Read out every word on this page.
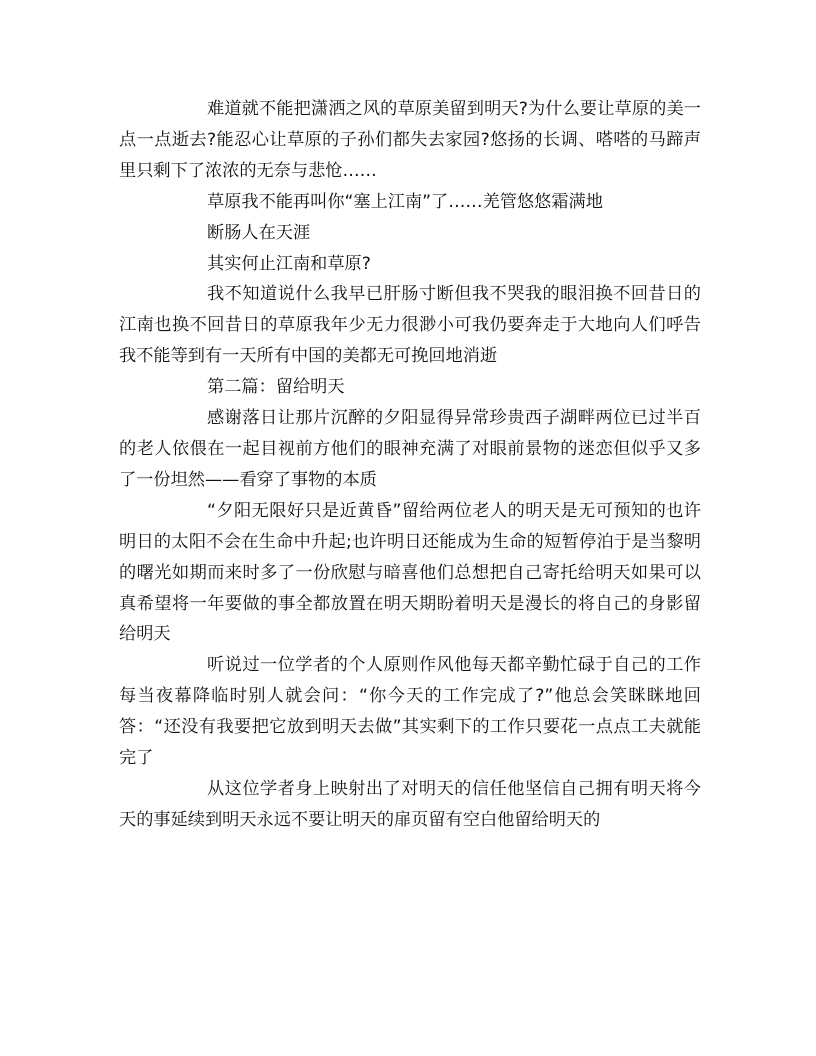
难道就不能把潇洒之风的草原美留到明天?为什么要让草原的美一点一点逝去?能忍心让草原的子孙们都失去家园?悠扬的长调、嗒嗒的马蹄声里只剩下了浓浓的无奈与悲怆……

草原我不能再叫你“塞上江南”了……羌管悠悠霜满地

断肠人在天涯

其实何止江南和草原?

我不知道说什么我早已肝肠寸断但我不哭我的眼泪换不回昔日的江南也换不回昔日的草原我年少无力很渺小可我仍要奔走于大地向人们呼告我不能等到有一天所有中国的美都无可挽回地消逝

第二篇：留给明天

感谢落日让那片沉醉的夕阳显得异常珍贵西子湖畔两位已过半百的老人依偎在一起目视前方他们的眼神充满了对眼前景物的迷恋但似乎又多了一份坦然——看穿了事物的本质

“夕阳无限好只是近黄昏”留给两位老人的明天是无可预知的也许明日的太阳不会在生命中升起;也许明日还能成为生命的短暂停泊于是当黎明的曙光如期而来时多了一份欣慰与暗喜他们总想把自己寄托给明天如果可以真希望将一年要做的事全都放置在明天期盼着明天是漫长的将自己的身影留给明天

听说过一位学者的个人原则作风他每天都辛勤忙碌于自己的工作每当夜幕降临时别人就会问：“你今天的工作完成了?”他总会笑眯眯地回答：“还没有我要把它放到明天去做”其实剩下的工作只要花一点点工夫就能完了

从这位学者身上映射出了对明天的信任他坚信自己拥有明天将今天的事延续到明天永远不要让明天的扉页留有空白他留给明天的
